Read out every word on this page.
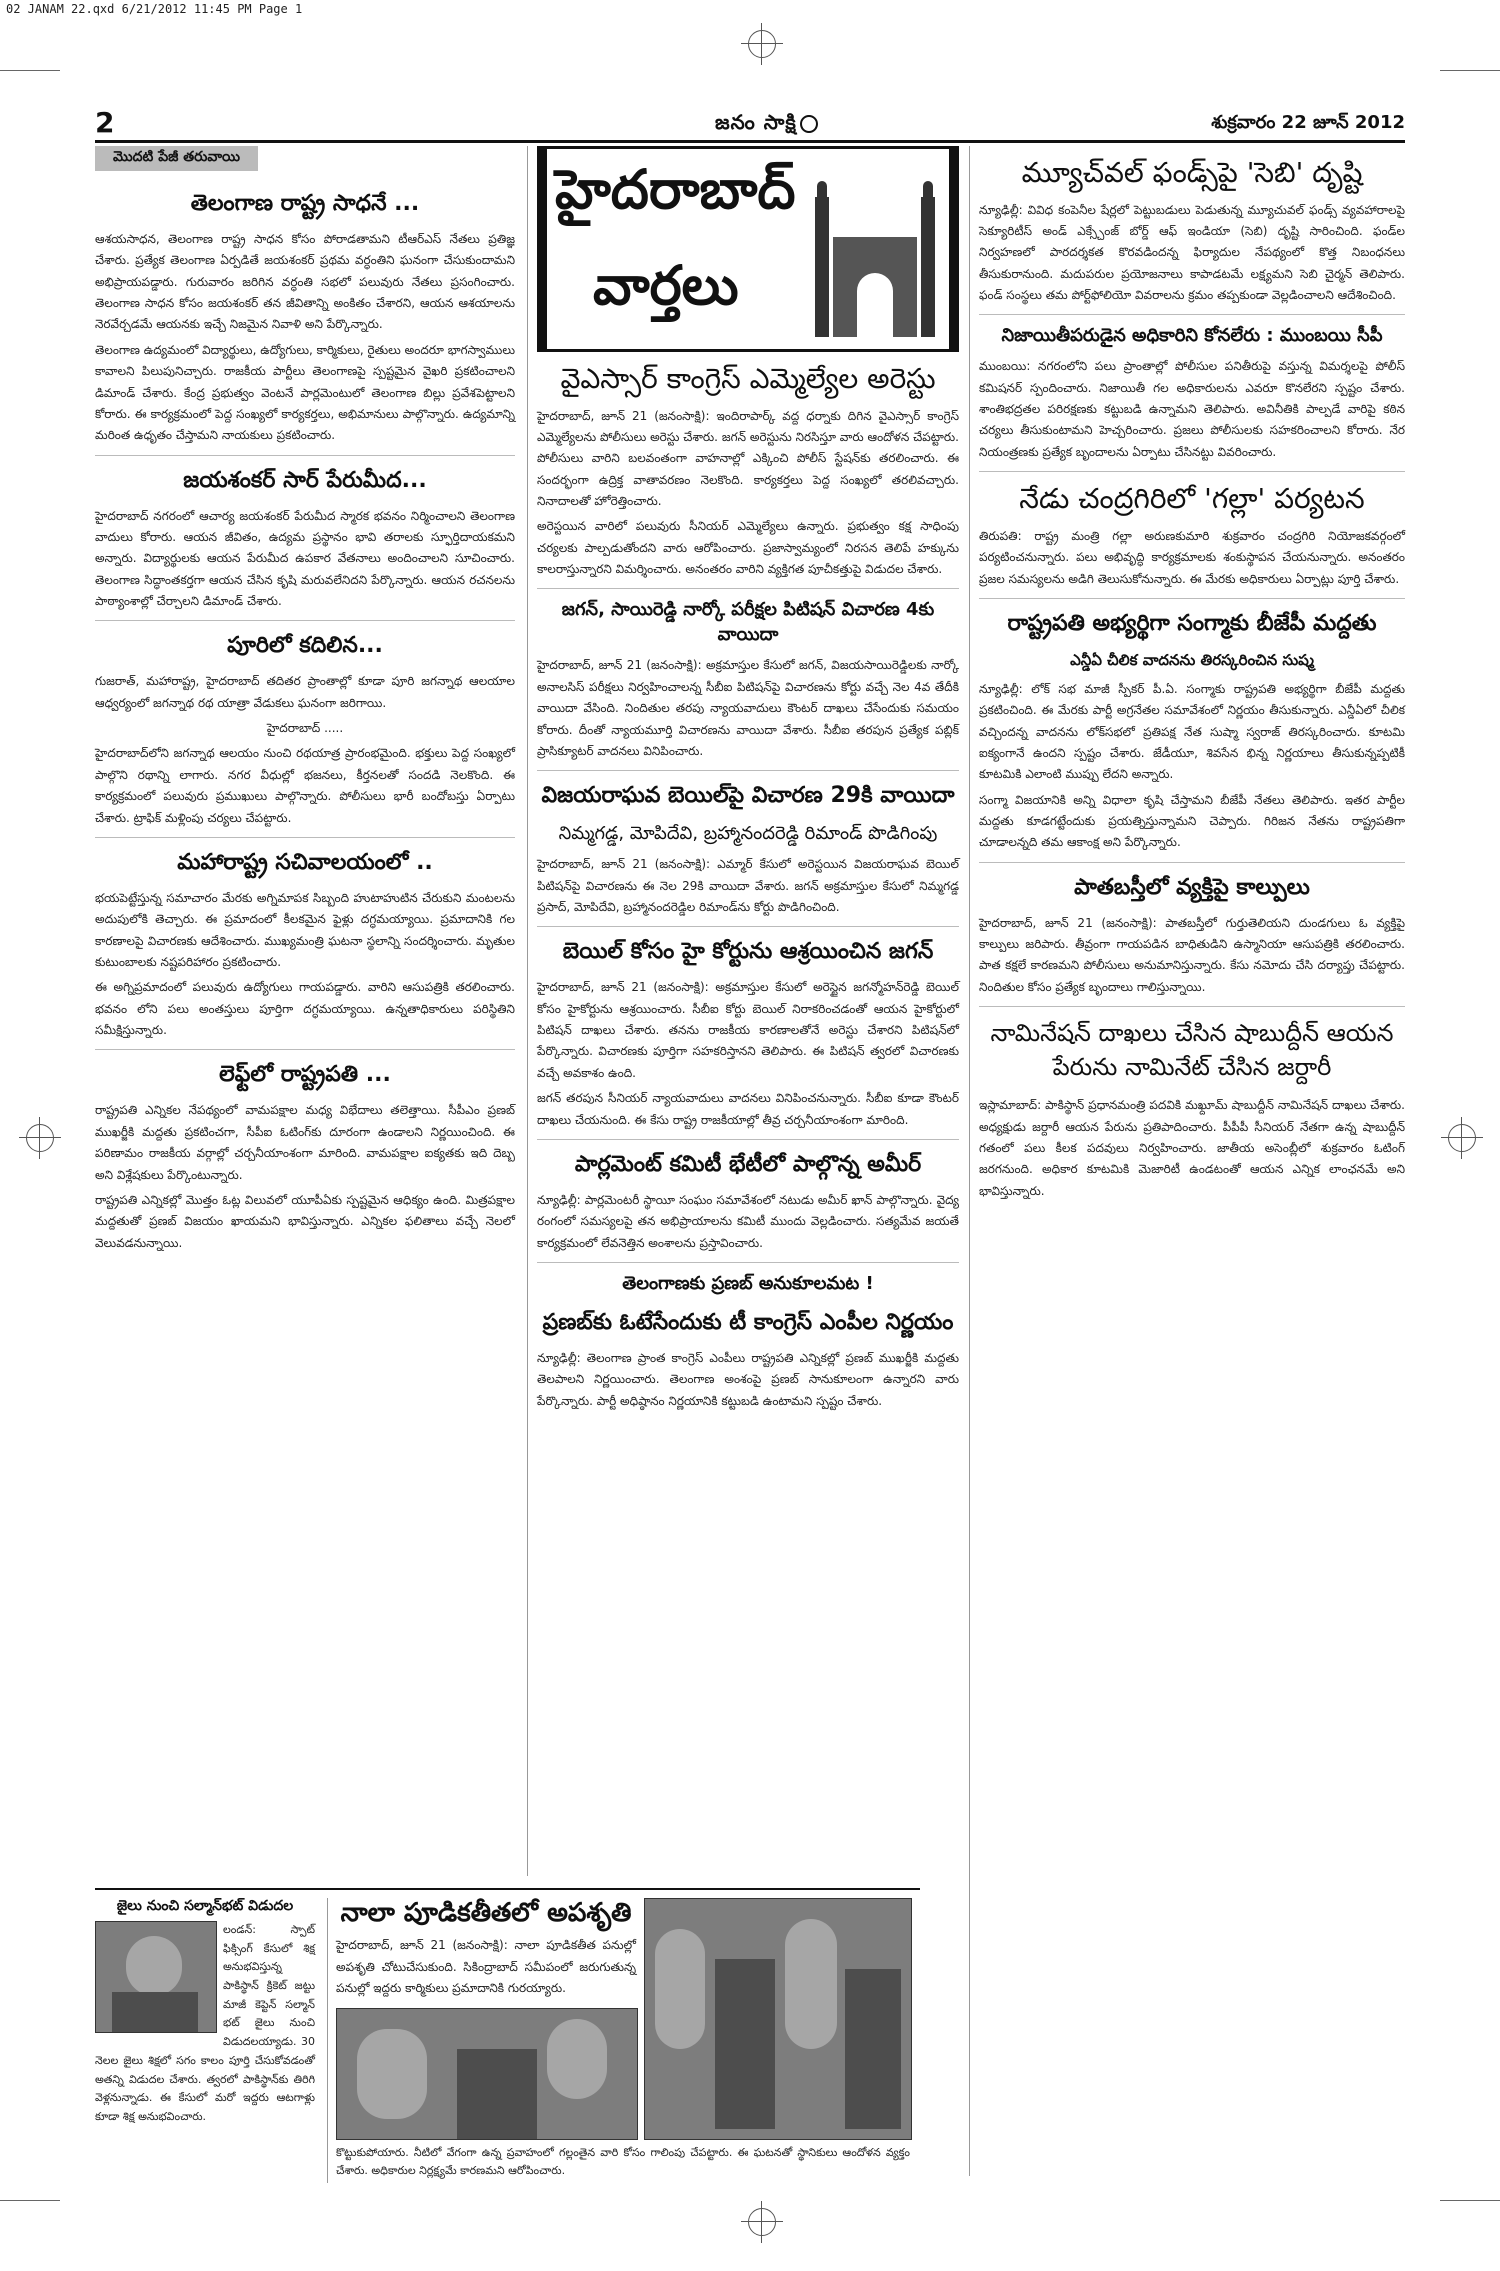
02 JANAM 22.qxd 6/21/2012 11:45 PM Page 1
2	జనం సాక్షి	శుక్రవారం 22 జూన్ 2012
మొదటి పేజీ తరువాయి
తెలంగాణ రాష్ట్ర సాధనే ...

ఆశయసాధన, తెలంగాణ రాష్ట్ర సాధన కోసం పోరాడతామని టీఆర్‌ఎస్ నేతలు ప్రతిజ్ఞ చేశారు. ప్రత్యేక తెలంగాణ ఏర్పడితే జయశంకర్ ప్రథమ వర్ధంతిని ఘనంగా చేసుకుందామని అభిప్రాయపడ్డారు. గురువారం జరిగిన వర్ధంతి సభలో పలువురు నేతలు ప్రసంగించారు. తెలంగాణ సాధన కోసం జయశంకర్ తన జీవితాన్ని అంకితం చేశారని, ఆయన ఆశయాలను నెరవేర్చడమే ఆయనకు ఇచ్చే నిజమైన నివాళి అని పేర్కొన్నారు.

తెలంగాణ ఉద్యమంలో విద్యార్థులు, ఉద్యోగులు, కార్మికులు, రైతులు అందరూ భాగస్వాములు కావాలని పిలుపునిచ్చారు. రాజకీయ పార్టీలు తెలంగాణపై స్పష్టమైన వైఖరి ప్రకటించాలని డిమాండ్ చేశారు. కేంద్ర ప్రభుత్వం వెంటనే పార్లమెంటులో తెలంగాణ బిల్లు ప్రవేశపెట్టాలని కోరారు. ఈ కార్యక్రమంలో పెద్ద సంఖ్యలో కార్యకర్తలు, అభిమానులు పాల్గొన్నారు. ఉద్యమాన్ని మరింత ఉధృతం చేస్తామని నాయకులు ప్రకటించారు.

జయశంకర్ సార్ పేరుమీద...

హైదరాబాద్ నగరంలో ఆచార్య జయశంకర్ పేరుమీద స్మారక భవనం నిర్మించాలని తెలంగాణ వాదులు కోరారు. ఆయన జీవితం, ఉద్యమ ప్రస్థానం భావి తరాలకు స్ఫూర్తిదాయకమని అన్నారు. విద్యార్థులకు ఆయన పేరుమీద ఉపకార వేతనాలు అందించాలని సూచించారు. తెలంగాణ సిద్ధాంతకర్తగా ఆయన చేసిన కృషి మరువలేనిదని పేర్కొన్నారు. ఆయన రచనలను పాఠ్యాంశాల్లో చేర్చాలని డిమాండ్ చేశారు.

పూరిలో కదిలిన...

గుజరాత్, మహారాష్ట్ర, హైదరాబాద్ తదితర ప్రాంతాల్లో కూడా పూరి జగన్నాథ ఆలయాల ఆధ్వర్యంలో జగన్నాథ రథ యాత్రా వేడుకలు ఘనంగా జరిగాయి.

హైదరాబాద్ .....

హైదరాబాద్‌లోని జగన్నాథ ఆలయం నుంచి రథయాత్ర ప్రారంభమైంది. భక్తులు పెద్ద సంఖ్యలో పాల్గొని రథాన్ని లాగారు. నగర వీధుల్లో భజనలు, కీర్తనలతో సందడి నెలకొంది. ఈ కార్యక్రమంలో పలువురు ప్రముఖులు పాల్గొన్నారు. పోలీసులు భారీ బందోబస్తు ఏర్పాటు చేశారు. ట్రాఫిక్ మళ్లింపు చర్యలు చేపట్టారు.

మహారాష్ట్ర సచివాలయంలో ..

భయపెట్టేస్తున్న సమాచారం మేరకు అగ్నిమాపక సిబ్బంది హుటాహుటిన చేరుకుని మంటలను అదుపులోకి తెచ్చారు. ఈ ప్రమాదంలో కీలకమైన ఫైళ్లు దగ్ధమయ్యాయి. ప్రమాదానికి గల కారణాలపై విచారణకు ఆదేశించారు. ముఖ్యమంత్రి ఘటనా స్థలాన్ని సందర్శించారు. మృతుల కుటుంబాలకు నష్టపరిహారం ప్రకటించారు.

ఈ అగ్నిప్రమాదంలో పలువురు ఉద్యోగులు గాయపడ్డారు. వారిని ఆసుపత్రికి తరలించారు. భవనం లోని పలు అంతస్తులు పూర్తిగా దగ్ధమయ్యాయి. ఉన్నతాధికారులు పరిస్థితిని సమీక్షిస్తున్నారు.

లెఫ్ట్‌లో రాష్ట్రపతి ...

రాష్ట్రపతి ఎన్నికల నేపథ్యంలో వామపక్షాల మధ్య విభేదాలు తలెత్తాయి. సీపీఎం ప్రణబ్ ముఖర్జీకి మద్దతు ప్రకటించగా, సీపీఐ ఓటింగ్‌కు దూరంగా ఉండాలని నిర్ణయించింది. ఈ పరిణామం రాజకీయ వర్గాల్లో చర్చనీయాంశంగా మారింది. వామపక్షాల ఐక్యతకు ఇది దెబ్బ అని విశ్లేషకులు పేర్కొంటున్నారు.

రాష్ట్రపతి ఎన్నికల్లో మొత్తం ఓట్ల విలువలో యూపీఏకు స్పష్టమైన ఆధిక్యం ఉంది. మిత్రపక్షాల మద్దతుతో ప్రణబ్ విజయం ఖాయమని భావిస్తున్నారు. ఎన్నికల ఫలితాలు వచ్చే నెలలో వెలువడనున్నాయి.

హైదరాబాద్
వార్తలు
వైఎస్సార్ కాంగ్రెస్ ఎమ్మెల్యేల అరెస్టు

హైదరాబాద్, జూన్ 21 (జనంసాక్షి): ఇందిరాపార్క్ వద్ద ధర్నాకు దిగిన వైఎస్సార్ కాంగ్రెస్ ఎమ్మెల్యేలను పోలీసులు అరెస్టు చేశారు. జగన్ అరెస్టును నిరసిస్తూ వారు ఆందోళన చేపట్టారు. పోలీసులు వారిని బలవంతంగా వాహనాల్లో ఎక్కించి పోలీస్ స్టేషన్‌కు తరలించారు. ఈ సందర్భంగా ఉద్రిక్త వాతావరణం నెలకొంది. కార్యకర్తలు పెద్ద సంఖ్యలో తరలివచ్చారు. నినాదాలతో హోరెత్తించారు.

అరెస్టయిన వారిలో పలువురు సీనియర్ ఎమ్మెల్యేలు ఉన్నారు. ప్రభుత్వం కక్ష సాధింపు చర్యలకు పాల్పడుతోందని వారు ఆరోపించారు. ప్రజాస్వామ్యంలో నిరసన తెలిపే హక్కును కాలరాస్తున్నారని విమర్శించారు. అనంతరం వారిని వ్యక్తిగత పూచీకత్తుపై విడుదల చేశారు.

జగన్, సాయిరెడ్డి నార్కో పరీక్షల పిటిషన్ విచారణ 4కు వాయిదా

హైదరాబాద్, జూన్ 21 (జనంసాక్షి): అక్రమాస్తుల కేసులో జగన్, విజయసాయిరెడ్డిలకు నార్కో అనాలసిస్ పరీక్షలు నిర్వహించాలన్న సీబీఐ పిటిషన్‌పై విచారణను కోర్టు వచ్చే నెల 4వ తేదీకి వాయిదా వేసింది. నిందితుల తరపు న్యాయవాదులు కౌంటర్ దాఖలు చేసేందుకు సమయం కోరారు. దీంతో న్యాయమూర్తి విచారణను వాయిదా వేశారు. సీబీఐ తరపున ప్రత్యేక పబ్లిక్ ప్రాసిక్యూటర్ వాదనలు వినిపించారు.

విజయరాఘవ బెయిల్‌పై విచారణ 29కి వాయిదా
నిమ్మగడ్డ, మోపిదేవి, బ్రహ్మానందరెడ్డి రిమాండ్ పొడిగింపు

హైదరాబాద్, జూన్ 21 (జనంసాక్షి): ఎమ్మార్ కేసులో అరెస్టయిన విజయరాఘవ బెయిల్ పిటిషన్‌పై విచారణను ఈ నెల 29కి వాయిదా వేశారు. జగన్ అక్రమాస్తుల కేసులో నిమ్మగడ్డ ప్రసాద్, మోపిదేవి, బ్రహ్మానందరెడ్డిల రిమాండ్‌ను కోర్టు పొడిగించింది.

బెయిల్ కోసం హై కోర్టును ఆశ్రయించిన జగన్

హైదరాబాద్, జూన్ 21 (జనంసాక్షి): అక్రమాస్తుల కేసులో అరెస్టైన జగన్మోహన్‌రెడ్డి బెయిల్ కోసం హైకోర్టును ఆశ్రయించారు. సీబీఐ కోర్టు బెయిల్ నిరాకరించడంతో ఆయన హైకోర్టులో పిటిషన్ దాఖలు చేశారు. తనను రాజకీయ కారణాలతోనే అరెస్టు చేశారని పిటిషన్‌లో పేర్కొన్నారు. విచారణకు పూర్తిగా సహకరిస్తానని తెలిపారు. ఈ పిటిషన్ త్వరలో విచారణకు వచ్చే అవకాశం ఉంది.

జగన్ తరపున సీనియర్ న్యాయవాదులు వాదనలు వినిపించనున్నారు. సీబీఐ కూడా కౌంటర్ దాఖలు చేయనుంది. ఈ కేసు రాష్ట్ర రాజకీయాల్లో తీవ్ర చర్చనీయాంశంగా మారింది.

పార్లమెంట్ కమిటీ భేటీలో పాల్గొన్న అమీర్

న్యూఢిల్లీ: పార్లమెంటరీ స్థాయీ సంఘం సమావేశంలో నటుడు అమీర్ ఖాన్ పాల్గొన్నారు. వైద్య రంగంలో సమస్యలపై తన అభిప్రాయాలను కమిటీ ముందు వెల్లడించారు. సత్యమేవ జయతే కార్యక్రమంలో లేవనెత్తిన అంశాలను ప్రస్తావించారు.

తెలంగాణకు ప్రణబ్ అనుకూలమట !
ప్రణబ్‌కు ఓటేసేందుకు టీ కాంగ్రెస్ ఎంపీల నిర్ణయం

న్యూఢిల్లీ: తెలంగాణ ప్రాంత కాంగ్రెస్ ఎంపీలు రాష్ట్రపతి ఎన్నికల్లో ప్రణబ్ ముఖర్జీకి మద్దతు తెలపాలని నిర్ణయించారు. తెలంగాణ అంశంపై ప్రణబ్ సానుకూలంగా ఉన్నారని వారు పేర్కొన్నారు. పార్టీ అధిష్ఠానం నిర్ణయానికి కట్టుబడి ఉంటామని స్పష్టం చేశారు.

మ్యూచ్‌వల్ ఫండ్స్‌పై 'సెబి' దృష్టి

న్యూఢిల్లీ: వివిధ కంపెనీల షేర్లలో పెట్టుబడులు పెడుతున్న మ్యూచువల్ ఫండ్స్ వ్యవహారాలపై సెక్యూరిటీస్ అండ్ ఎక్స్చేంజ్ బోర్డ్ ఆఫ్ ఇండియా (సెబి) దృష్టి సారించింది. ఫండ్‌ల నిర్వహణలో పారదర్శకత కొరవడిందన్న ఫిర్యాదుల నేపథ్యంలో కొత్త నిబంధనలు తీసుకురానుంది. మదుపరుల ప్రయోజనాలు కాపాడటమే లక్ష్యమని సెబి చైర్మన్ తెలిపారు. ఫండ్ సంస్థలు తమ పోర్ట్‌ఫోలియో వివరాలను క్రమం తప్పకుండా వెల్లడించాలని ఆదేశించింది.

నిజాయితీపరుడైన అధికారిని కోనలేరు : ముంబయి సీపీ

ముంబయి: నగరంలోని పలు ప్రాంతాల్లో పోలీసుల పనితీరుపై వస్తున్న విమర్శలపై పోలీస్ కమిషనర్ స్పందించారు. నిజాయితీ గల అధికారులను ఎవరూ కొనలేరని స్పష్టం చేశారు. శాంతిభద్రతల పరిరక్షణకు కట్టుబడి ఉన్నామని తెలిపారు. అవినీతికి పాల్పడే వారిపై కఠిన చర్యలు తీసుకుంటామని హెచ్చరించారు. ప్రజలు పోలీసులకు సహకరించాలని కోరారు. నేర నియంత్రణకు ప్రత్యేక బృందాలను ఏర్పాటు చేసినట్టు వివరించారు.

నేడు చంద్రగిరిలో 'గల్లా' పర్యటన

తిరుపతి: రాష్ట్ర మంత్రి గల్లా అరుణకుమారి శుక్రవారం చంద్రగిరి నియోజకవర్గంలో పర్యటించనున్నారు. పలు అభివృద్ధి కార్యక్రమాలకు శంకుస్థాపన చేయనున్నారు. అనంతరం ప్రజల సమస్యలను అడిగి తెలుసుకోనున్నారు. ఈ మేరకు అధికారులు ఏర్పాట్లు పూర్తి చేశారు.

రాష్ట్రపతి అభ్యర్థిగా సంగ్మాకు బీజేపీ మద్దతు
ఎన్డీఏ చీలిక వాదనను తిరస్కరించిన సుష్మ

న్యూఢిల్లీ: లోక్ సభ మాజీ స్పీకర్ పీ.ఏ. సంగ్మాకు రాష్ట్రపతి అభ్యర్థిగా బీజేపీ మద్దతు ప్రకటించింది. ఈ మేరకు పార్టీ అగ్రనేతల సమావేశంలో నిర్ణయం తీసుకున్నారు. ఎన్డీఏలో చీలిక వచ్చిందన్న వాదనను లోక్‌సభలో ప్రతిపక్ష నేత సుష్మా స్వరాజ్ తిరస్కరించారు. కూటమి ఐక్యంగానే ఉందని స్పష్టం చేశారు. జేడీయూ, శివసేన భిన్న నిర్ణయాలు తీసుకున్నప్పటికీ కూటమికి ఎలాంటి ముప్పు లేదని అన్నారు.

సంగ్మా విజయానికి అన్ని విధాలా కృషి చేస్తామని బీజేపీ నేతలు తెలిపారు. ఇతర పార్టీల మద్దతు కూడగట్టేందుకు ప్రయత్నిస్తున్నామని చెప్పారు. గిరిజన నేతను రాష్ట్రపతిగా చూడాలన్నది తమ ఆకాంక్ష అని పేర్కొన్నారు.

పాతబస్తీలో వ్యక్తిపై కాల్పులు

హైదరాబాద్, జూన్ 21 (జనంసాక్షి): పాతబస్తీలో గుర్తుతెలియని దుండగులు ఓ వ్యక్తిపై కాల్పులు జరిపారు. తీవ్రంగా గాయపడిన బాధితుడిని ఉస్మానియా ఆసుపత్రికి తరలించారు. పాత కక్షలే కారణమని పోలీసులు అనుమానిస్తున్నారు. కేసు నమోదు చేసి దర్యాప్తు చేపట్టారు. నిందితుల కోసం ప్రత్యేక బృందాలు గాలిస్తున్నాయి.

నామినేషన్ దాఖలు చేసిన షాబుద్దీన్ ఆయన పేరును నామినేట్ చేసిన జర్దారీ

ఇస్లామాబాద్: పాకిస్థాన్ ప్రధానమంత్రి పదవికి మఖ్దూమ్ షాబుద్దీన్ నామినేషన్ దాఖలు చేశారు. అధ్యక్షుడు జర్దారీ ఆయన పేరును ప్రతిపాదించారు. పీపీపీ సీనియర్ నేతగా ఉన్న షాబుద్దీన్ గతంలో పలు కీలక పదవులు నిర్వహించారు. జాతీయ అసెంబ్లీలో శుక్రవారం ఓటింగ్ జరగనుంది. అధికార కూటమికి మెజారిటీ ఉండటంతో ఆయన ఎన్నిక లాంఛనమే అని భావిస్తున్నారు.

జైలు నుంచి సల్మాన్‌భట్ విడుదల

లండన్: స్పాట్ ఫిక్సింగ్ కేసులో శిక్ష అనుభవిస్తున్న పాకిస్థాన్ క్రికెట్ జట్టు మాజీ కెప్టెన్ సల్మాన్ భట్ జైలు నుంచి విడుదలయ్యాడు. 30 నెలల జైలు శిక్షలో సగం కాలం పూర్తి చేసుకోవడంతో అతన్ని విడుదల చేశారు. త్వరలో పాకిస్థాన్‌కు తిరిగి వెళ్లనున్నాడు. ఈ కేసులో మరో ఇద్దరు ఆటగాళ్లు కూడా శిక్ష అనుభవించారు.

నాలా పూడికతీతలో అపశృతి

హైదరాబాద్, జూన్ 21 (జనంసాక్షి): నాలా పూడికతీత పనుల్లో అపశృతి చోటుచేసుకుంది. సికింద్రాబాద్ సమీపంలో జరుగుతున్న పనుల్లో ఇద్దరు కార్మికులు ప్రమాదానికి గురయ్యారు.

కొట్టుకుపోయారు. నీటిలో వేగంగా ఉన్న ప్రవాహంలో గల్లంతైన వారి కోసం గాలింపు చేపట్టారు. ఈ ఘటనతో స్థానికులు ఆందోళన వ్యక్తం చేశారు. అధికారుల నిర్లక్ష్యమే కారణమని ఆరోపించారు.
